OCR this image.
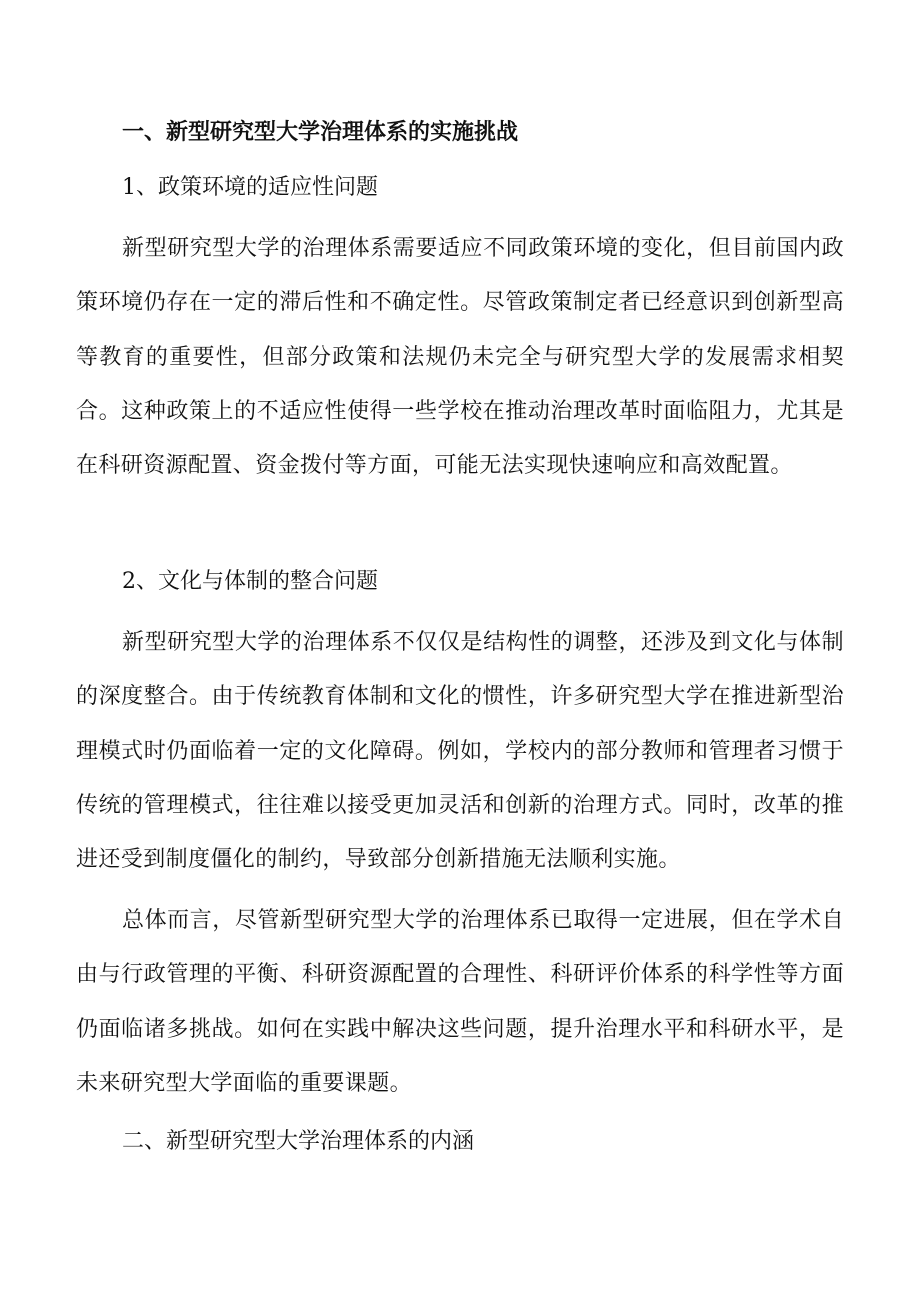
一、新型研究型大学治理体系的实施挑战
1、政策环境的适应性问题

新型研究型大学的治理体系需要适应不同政策环境的变化，但目前国内政策环境仍存在一定的滞后性和不确定性。尽管政策制定者已经意识到创新型高等教育的重要性，但部分政策和法规仍未完全与研究型大学的发展需求相契合。这种政策上的不适应性使得一些学校在推动治理改革时面临阻力，尤其是在科研资源配置、资金拨付等方面，可能无法实现快速响应和高效配置。

2、文化与体制的整合问题

新型研究型大学的治理体系不仅仅是结构性的调整，还涉及到文化与体制的深度整合。由于传统教育体制和文化的惯性，许多研究型大学在推进新型治理模式时仍面临着一定的文化障碍。例如，学校内的部分教师和管理者习惯于传统的管理模式，往往难以接受更加灵活和创新的治理方式。同时，改革的推进还受到制度僵化的制约，导致部分创新措施无法顺利实施。

总体而言，尽管新型研究型大学的治理体系已取得一定进展，但在学术自由与行政管理的平衡、科研资源配置的合理性、科研评价体系的科学性等方面仍面临诸多挑战。如何在实践中解决这些问题，提升治理水平和科研水平，是未来研究型大学面临的重要课题。

二、新型研究型大学治理体系的内涵
